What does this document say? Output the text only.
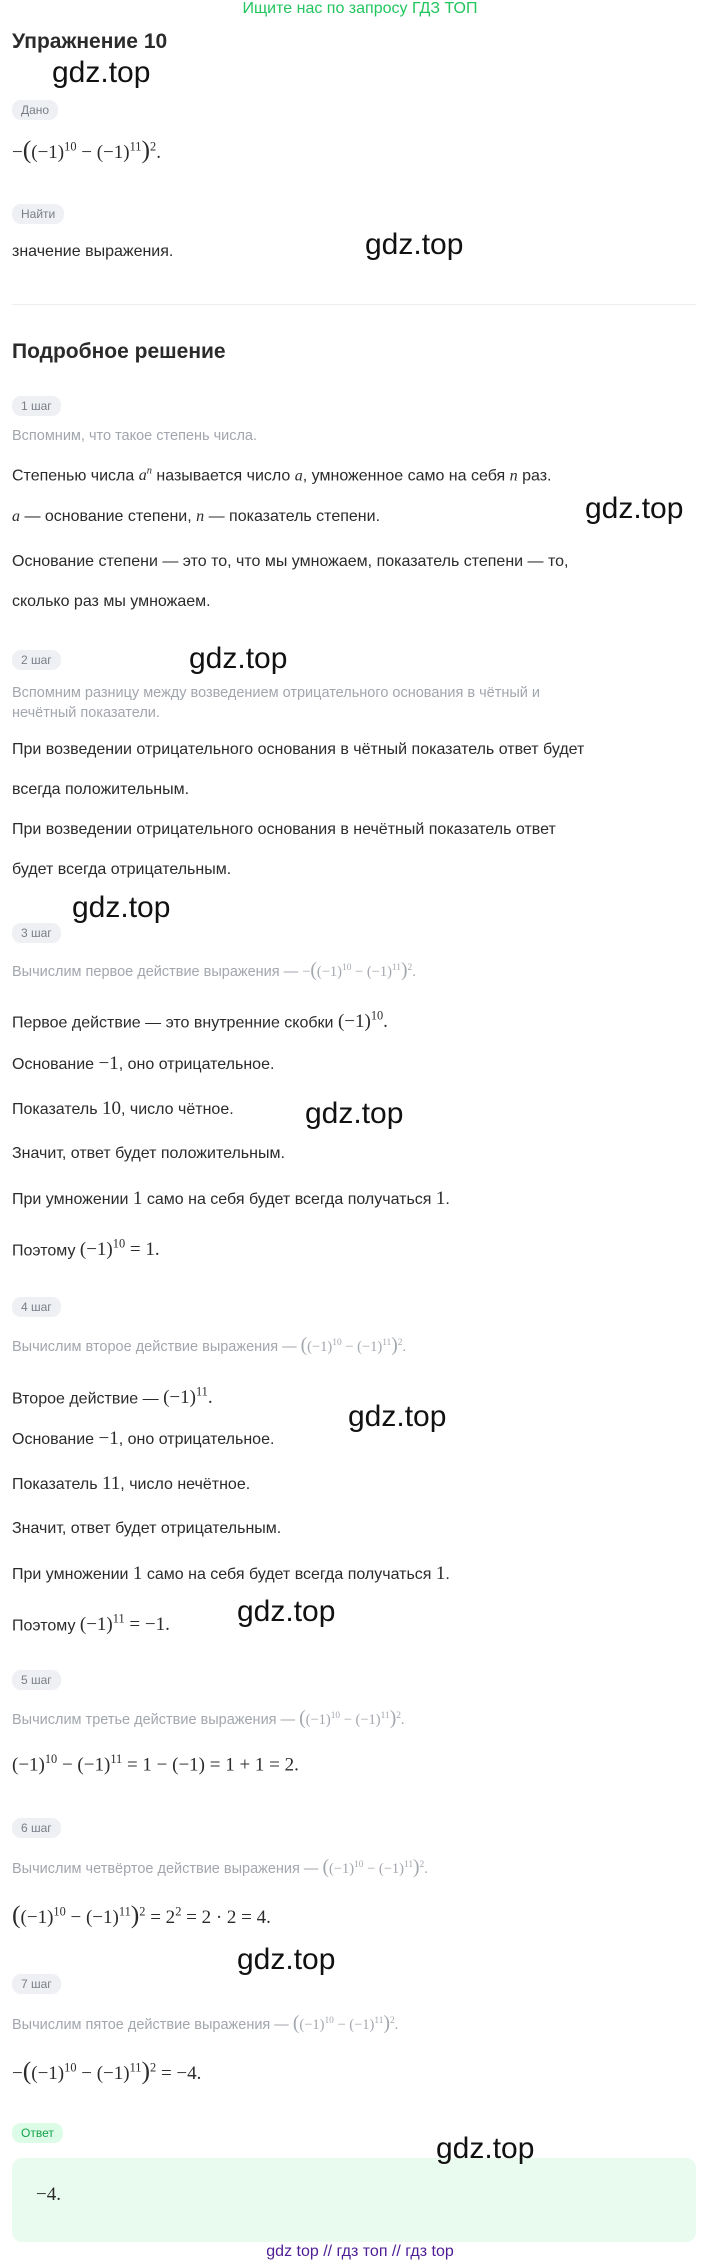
Ищите нас по запросу ГДЗ ТОП
Упражнение 10
Дано
$-((-1)^{10} - (-1)^{11})^2$.
Найти
значение выражения.
Подробное решение
1 шаг
Вспомним, что такое степень числа.
Степенью числа $a^n$ называется число a, умноженное само на себя n раз.
a — основание степени, n — показатель степени.
Основание степени — это то, что мы умножаем, показатель степени — то,
сколько раз мы умножаем.
2 шаг
Вспомним разницу между возведением отрицательного основания в чётный и
нечётный показатели.
При возведении отрицательного основания в чётный показатель ответ будет
всегда положительным.
При возведении отрицательного основания в нечётный показатель ответ
будет всегда отрицательным.
3 шаг
Вычислим первое действие выражения — $-((-1)^{10} - (-1)^{11})^2$.
Первое действие — это внутренние скобки $(-1)^{10}$.
Основание −1, оно отрицательное.
Показатель 10, число чётное.
Значит, ответ будет положительным.
При умножении 1 само на себя будет всегда получаться 1.
Поэтому $(-1)^{10} = 1$.
4 шаг
Вычислим второе действие выражения — $((-1)^{10} - (-1)^{11})^2$.
Второе действие — $(-1)^{11}$.
Основание −1, оно отрицательное.
Показатель 11, число нечётное.
Значит, ответ будет отрицательным.
При умножении 1 само на себя будет всегда получаться 1.
Поэтому $(-1)^{11} = -1$.
5 шаг
Вычислим третье действие выражения — $((-1)^{10} - (-1)^{11})^2$.
$(-1)^{10} - (-1)^{11} = 1 - (-1) = 1 + 1 = 2$.
6 шаг
Вычислим четвёртое действие выражения — $((-1)^{10} - (-1)^{11})^2$.
$((-1)^{10} - (-1)^{11})^2 = 2^2 = 2 \cdot 2 = 4$.
7 шаг
Вычислим пятое действие выражения — $((-1)^{10} - (-1)^{11})^2$.
$-((-1)^{10} - (-1)^{11})^2 = -4$.
Ответ
−4.
gdz.top
gdz.top
gdz.top
gdz.top
gdz.top
gdz.top
gdz.top
gdz.top
gdz.top
gdz.top
gdz top // гдз топ // гдз top
